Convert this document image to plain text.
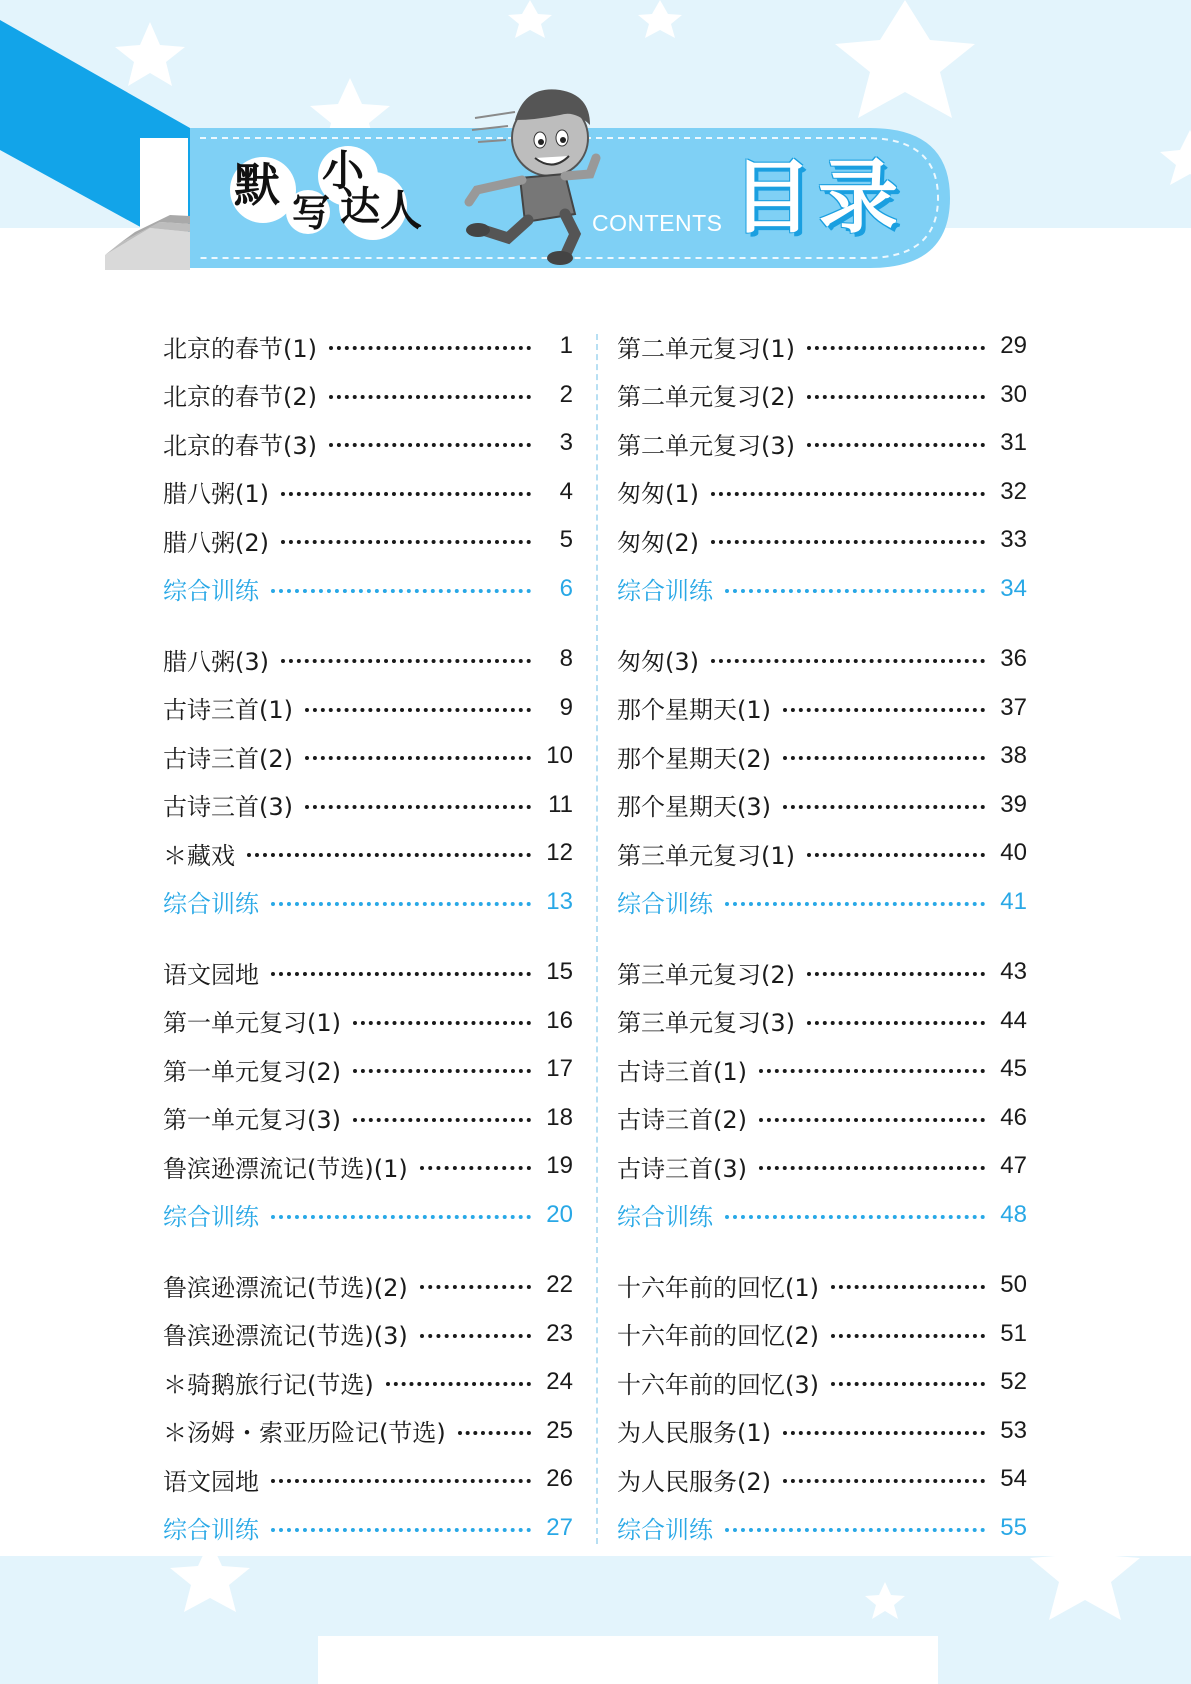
默
写
小
达 人	CONTENTS 目录
北京的春节(1)	1
北京的春节(2)	2
北京的春节(3)	3
腊八粥(1)	4
腊八粥(2)	5
综合训练	6
腊八粥(3)	8
古诗三首(1)	9
古诗三首(2)	10
古诗三首(3)	11
＊藏戏	12
综合训练	13
语文园地	15
第一单元复习(1)	16
第一单元复习(2)	17
第一单元复习(3)	18
鲁滨逊漂流记(节选)(1)	19
综合训练	20
鲁滨逊漂流记(节选)(2)	22
鲁滨逊漂流记(节选)(3)	23
＊骑鹅旅行记(节选)	24
＊汤姆・索亚历险记(节选)	25
语文园地	26
综合训练	27
第二单元复习(1)	29
第二单元复习(2)	30
第二单元复习(3)	31
匆匆(1)	32
匆匆(2)	33
综合训练	34
匆匆(3)	36
那个星期天(1)	37
那个星期天(2)	38
那个星期天(3)	39
第三单元复习(1)	40
综合训练	41
第三单元复习(2)	43
第三单元复习(3)	44
古诗三首(1)	45
古诗三首(2)	46
古诗三首(3)	47
综合训练	48
十六年前的回忆(1)	50
十六年前的回忆(2)	51
十六年前的回忆(3)	52
为人民服务(1)	53
为人民服务(2)	54
综合训练	55
